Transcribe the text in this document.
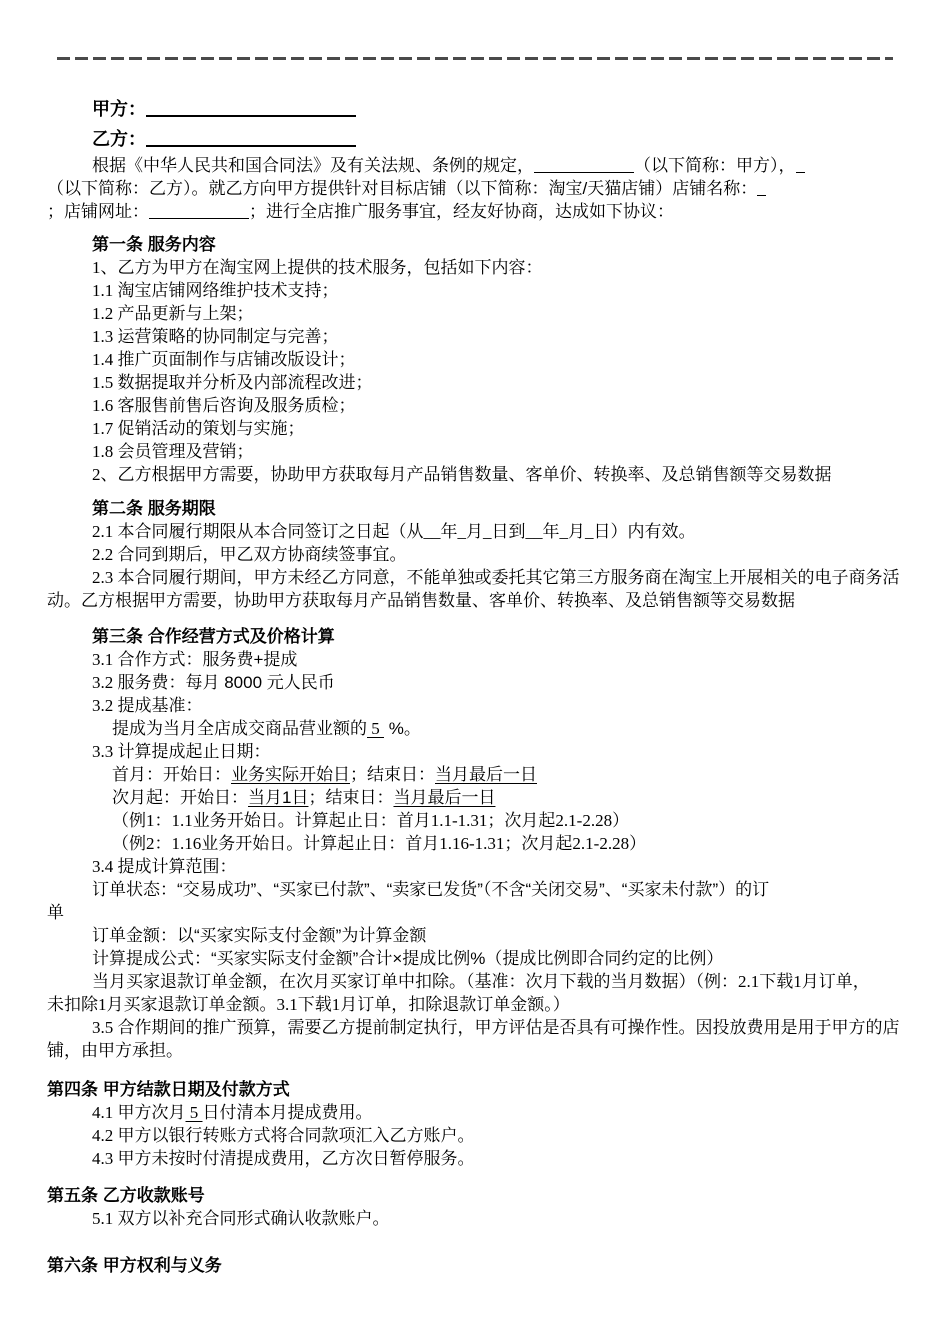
甲方：
乙方：
根据《中华人民共和国合同法》及有关法规、条例的规定，	（以下简称：甲方），
（以下简称：乙方）。就乙方向甲方提供针对目标店铺（以下简称：淘宝/天猫店铺）店铺名称：
；店铺网址：	；进行全店推广服务事宜，经友好协商，达成如下协议：
第一条 服务内容
1、乙方为甲方在淘宝网上提供的技术服务，包括如下内容：
1.1 淘宝店铺网络维护技术支持；
1.2 产品更新与上架；
1.3 运营策略的协同制定与完善；
1.4 推广页面制作与店铺改版设计；
1.5 数据提取并分析及内部流程改进；
1.6 客服售前售后咨询及服务质检；
1.7 促销活动的策划与实施；
1.8 会员管理及营销；
2、乙方根据甲方需要，协助甲方获取每月产品销售数量、客单价、转换率、及总销售额等交易数据
第二条 服务期限
2.1 本合同履行期限从本合同签订之日起（从__年_月_日到__年_月_日）内有效。
2.2 合同到期后，甲乙双方协商续签事宜。
2.3 本合同履行期间，甲方未经乙方同意，不能单独或委托其它第三方服务商在淘宝上开展相关的电子商务活
动。乙方根据甲方需要，协助甲方获取每月产品销售数量、客单价、转换率、及总销售额等交易数据
第三条 合作经营方式及价格计算
3.1 合作方式：服务费+提成
3.2 服务费：每月 8000 元人民币
3.2 提成基准：
提成为当月全店成交商品营业额的 5  %。
3.3 计算提成起止日期：
首月：开始日：业务实际开始日；结束日：当月最后一日
次月起：开始日：当月1日；结束日：当月最后一日
（例1：1.1业务开始日。计算起止日：首月1.1-1.31；次月起2.1-2.28）
（例2：1.16业务开始日。计算起止日：首月1.16-1.31；次月起2.1-2.28）
3.4 提成计算范围：
订单状态：“交易成功”、“买家已付款”、“卖家已发货”（不含“关闭交易”、“买家未付款”）的订
单
订单金额：以“买家实际支付金额”为计算金额
计算提成公式：“买家实际支付金额”合计×提成比例%（提成比例即合同约定的比例）
当月买家退款订单金额，在次月买家订单中扣除。（基准：次月下载的当月数据）（例：2.1下载1月订单，
未扣除1月买家退款订单金额。3.1下载1月订单，扣除退款订单金额。）
3.5 合作期间的推广预算，需要乙方提前制定执行，甲方评估是否具有可操作性。因投放费用是用于甲方的店
铺，由甲方承担。
第四条 甲方结款日期及付款方式
4.1 甲方次月 5 日付清本月提成费用。
4.2 甲方以银行转账方式将合同款项汇入乙方账户。
4.3 甲方未按时付清提成费用，乙方次日暂停服务。
第五条 乙方收款账号
5.1 双方以补充合同形式确认收款账户。
第六条 甲方权利与义务
